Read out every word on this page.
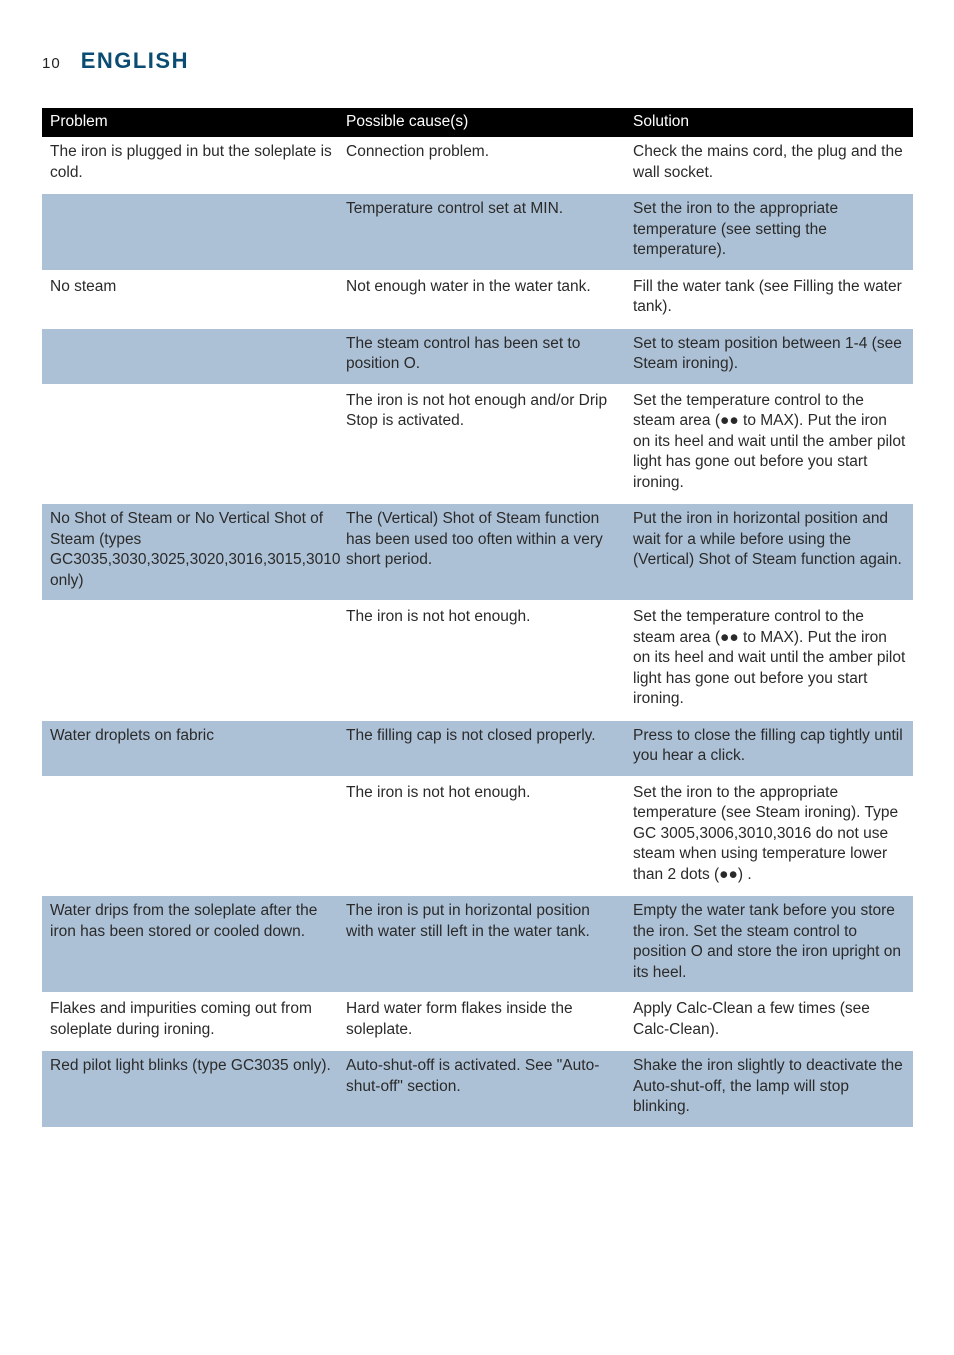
10 ENGLISH
Problem	Possible cause(s)	Solution
The iron is plugged in but the soleplate is cold.	Connection problem.	Check the mains cord, the plug and the wall socket.
	Temperature control set at MIN.	Set the iron to the appropriate temperature (see setting the temperature).
No steam	Not enough water in the water tank.	Fill the water tank (see Filling the water tank).
	The steam control has been set to position O.	Set to steam position between 1-4 (see Steam ironing).
	The iron is not hot enough and/or Drip Stop is activated.	Set the temperature control to the steam area (●● to MAX). Put the iron on its heel and wait until the amber pilot light has gone out before you start ironing.
No Shot of Steam or No Vertical Shot of Steam (types GC3035,3030,3025,3020,3016,3015,3010 only)	The (Vertical) Shot of Steam function has been used too often within a very short period.	Put the iron in horizontal position and wait for a while before using the (Vertical) Shot of Steam function again.
	The iron is not hot enough.	Set the temperature control to the steam area (●● to MAX). Put the iron on its heel and wait until the amber pilot light has gone out before you start ironing.
Water droplets on fabric	The filling cap is not closed properly.	Press to close the filling cap tightly until you hear a click.
	The iron is not hot enough.	Set the iron to the appropriate temperature (see Steam ironing). Type GC 3005,3006,3010,3016 do not use steam when using temperature lower than 2 dots (●●) .
Water drips from the soleplate after the iron has been stored or cooled down.	The iron is put in horizontal position with water still left in the water tank.	Empty the water tank before you store the iron. Set the steam control to position O and store the iron upright on its heel.
Flakes and impurities coming out from soleplate during ironing.	Hard water form flakes inside the soleplate.	Apply Calc-Clean a few times (see Calc-Clean).
Red pilot light blinks (type GC3035 only).	Auto-shut-off is activated. See "Auto-shut-off" section.	Shake the iron slightly to deactivate the Auto-shut-off, the lamp will stop blinking.
